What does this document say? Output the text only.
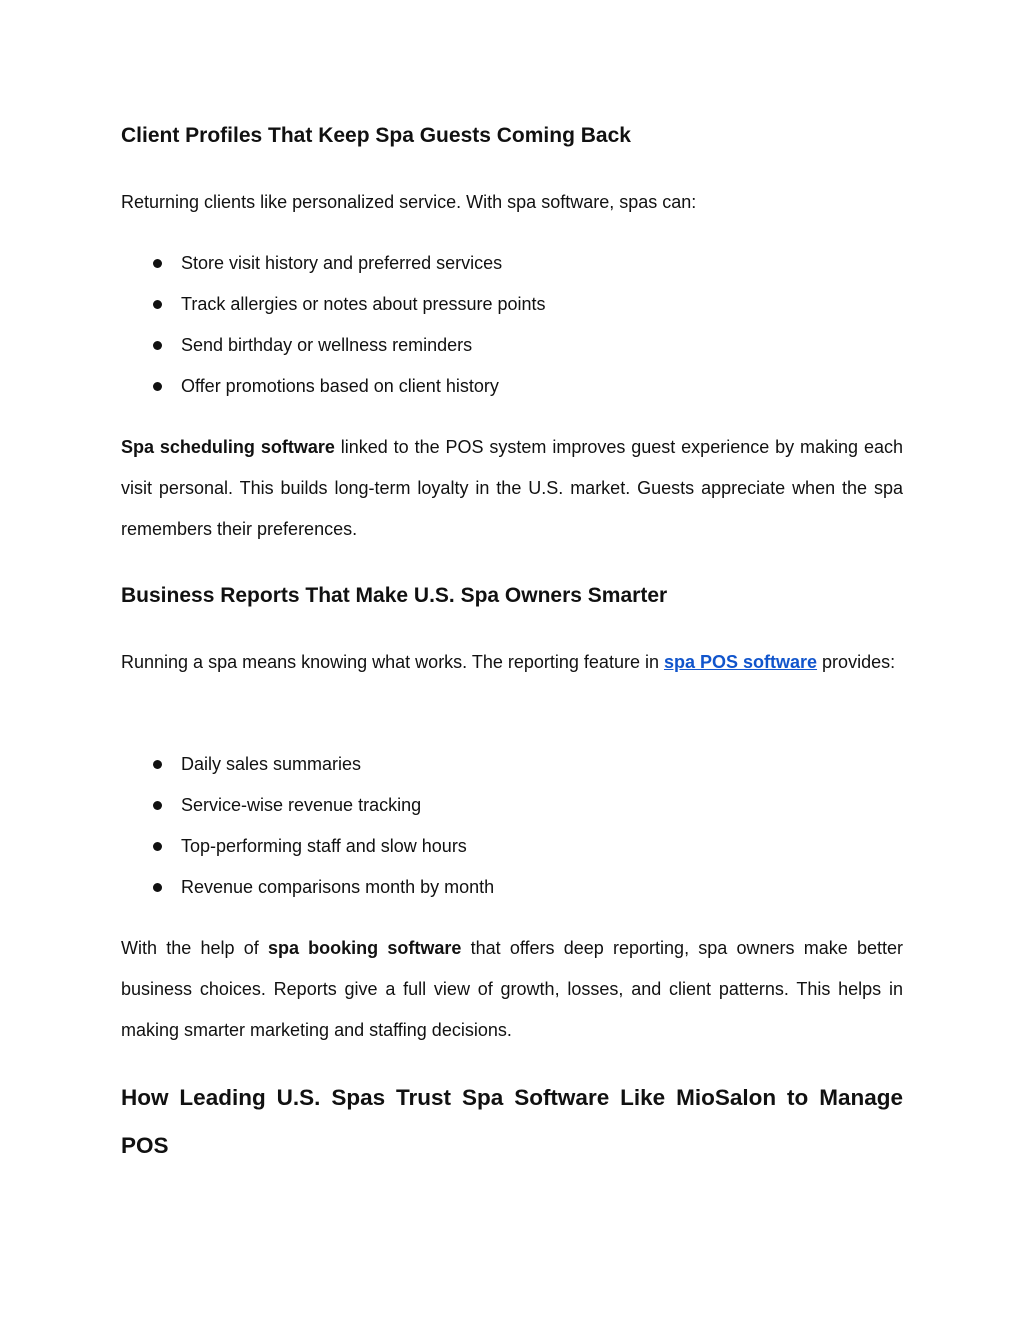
Client Profiles That Keep Spa Guests Coming Back

Returning clients like personalized service. With spa software, spas can:

Store visit history and preferred services
Track allergies or notes about pressure points
Send birthday or wellness reminders
Offer promotions based on client history

Spa scheduling software linked to the POS system improves guest experience by making each visit personal. This builds long-term loyalty in the U.S. market. Guests appreciate when the spa remembers their preferences.

Business Reports That Make U.S. Spa Owners Smarter

Running a spa means knowing what works. The reporting feature in spa POS software provides:

Daily sales summaries
Service-wise revenue tracking
Top-performing staff and slow hours
Revenue comparisons month by month

With the help of spa booking software that offers deep reporting, spa owners make better business choices. Reports give a full view of growth, losses, and client patterns. This helps in making smarter marketing and staffing decisions.

How Leading U.S. Spas Trust Spa Software Like MioSalon to Manage POS
